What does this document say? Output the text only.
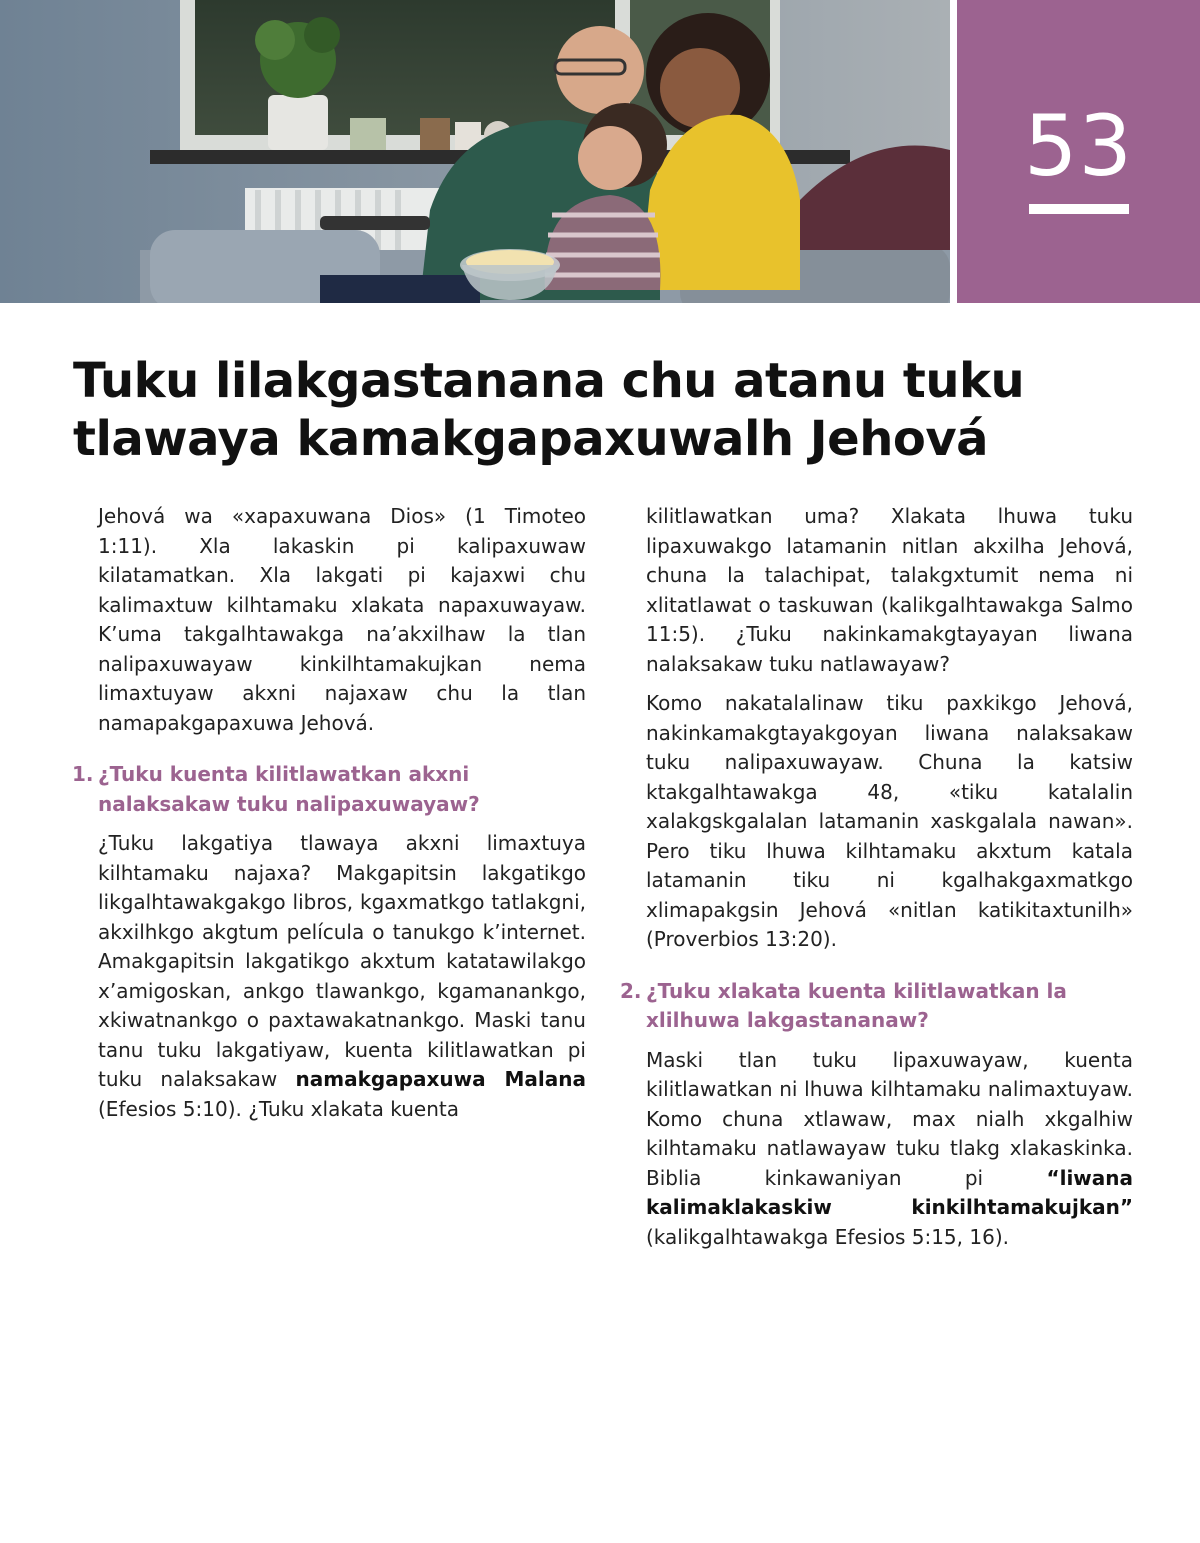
53
Tuku lilakgastanana chu atanu tuku
tlawaya kamakgapaxuwalh Jehová

Jehová wa «xapaxuwana Dios» (1 Timoteo 1:11). Xla lakaskin pi kalipaxuwaw kilatamatkan. Xla lakgati pi kajaxwi chu kalimaxtuw kilhtamaku xlakata napaxuwayaw. K’uma takgalhtawakga na’akxilhaw la tlan nalipaxuwayaw kinkilhtamakujkan nema limaxtuyaw akxni najaxaw chu la tlan namapakgapaxuwa Jehová.

1. ¿Tuku kuenta kilitlawatkan akxni nalaksakaw tuku nalipaxuwayaw?

¿Tuku lakgatiya tlawaya akxni limaxtuya kilhtamaku najaxa? Makgapitsin lakgatikgo likgalhtawakgakgo libros, kgaxmatkgo tatlakgni, akxilhkgo akgtum película o tanukgo k’internet. Amakgapitsin lakgatikgo akxtum katatawilakgo x’amigoskan, ankgo tlawankgo, kgamanankgo, xkiwatnankgo o paxtawakatnankgo. Maski tanu tanu tuku lakgatiyaw, kuenta kilitlawatkan pi tuku nalaksakaw namakgapaxuwa Malana (Efesios 5:10). ¿Tuku xlakata kuenta

kilitlawatkan uma? Xlakata lhuwa tuku lipaxuwakgo latamanin nitlan akxilha Jehová, chuna la talachipat, talakgxtumit nema ni xlitatlawat o taskuwan (kalikgalhtawakga Salmo 11:5). ¿Tuku nakinkamakgtayayan liwana nalaksakaw tuku natlawayaw?

Komo nakatalalinaw tiku paxkikgo Jehová, nakinkamakgtayakgoyan liwana nalaksakaw tuku nalipaxuwayaw. Chuna la katsiw ktakgalhtawakga 48, «tiku katalalin xalakgskgalalan latamanin xaskgalala nawan». Pero tiku lhuwa kilhtamaku akxtum katala latamanin tiku ni kgalhakgaxmatkgo xlimapakgsin Jehová «nitlan katikitaxtunilh» (Proverbios 13:20).

2. ¿Tuku xlakata kuenta kilitlawatkan la xlilhuwa lakgastananaw?

Maski tlan tuku lipaxuwayaw, kuenta kilitlawatkan ni lhuwa kilhtamaku nalimaxtuyaw. Komo chuna xtlawaw, max nialh xkgalhiw kilhtamaku natlawayaw tuku tlakg xlakaskinka. Biblia kinkawaniyan pi “liwana kalimaklakaskiw kinkilhtamakujkan” (kalikgalhtawakga Efesios 5:15, 16).
